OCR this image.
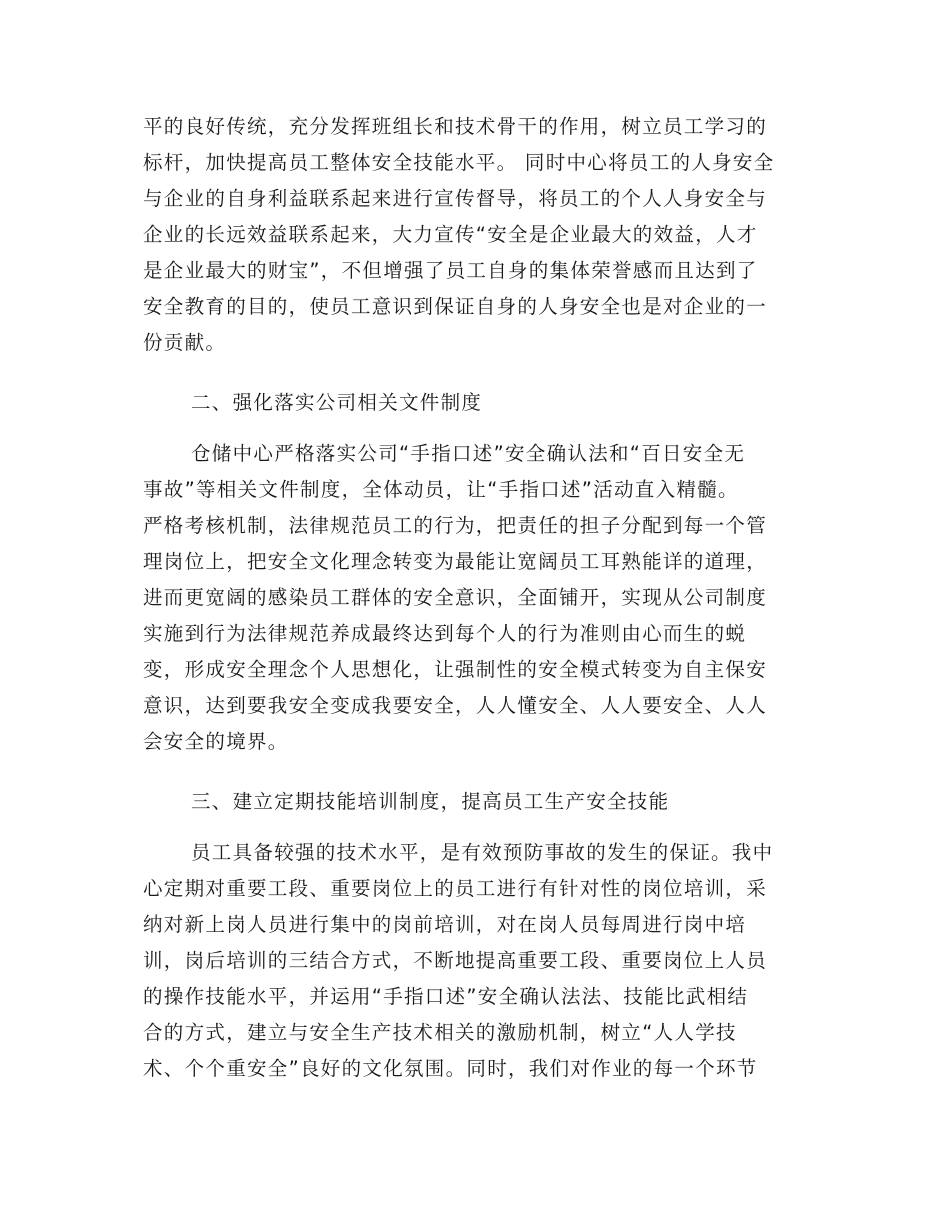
平的良好传统，充分发挥班组长和技术骨干的作用，树立员工学习的
标杆，加快提高员工整体安全技能水平。 同时中心将员工的人身安全
与企业的自身利益联系起来进行宣传督导，将员工的个人人身安全与
企业的长远效益联系起来，大力宣传“安全是企业最大的效益，人才
是企业最大的财宝”，不但增强了员工自身的集体荣誉感而且达到了
安全教育的目的，使员工意识到保证自身的人身安全也是对企业的一
份贡献。
二、强化落实公司相关文件制度
仓储中心严格落实公司“手指口述”安全确认法和“百日安全无
事故”等相关文件制度，全体动员，让“手指口述”活动直入精髓。
严格考核机制，法律规范员工的行为，把责任的担子分配到每一个管
理岗位上，把安全文化理念转变为最能让宽阔员工耳熟能详的道理，
进而更宽阔的感染员工群体的安全意识，全面铺开，实现从公司制度
实施到行为法律规范养成最终达到每个人的行为准则由心而生的蜕
变，形成安全理念个人思想化，让强制性的安全模式转变为自主保安
意识，达到要我安全变成我要安全，人人懂安全、人人要安全、人人
会安全的境界。
三、建立定期技能培训制度，提高员工生产安全技能
员工具备较强的技术水平，是有效预防事故的发生的保证。我中
心定期对重要工段、重要岗位上的员工进行有针对性的岗位培训，采
纳对新上岗人员进行集中的岗前培训，对在岗人员每周进行岗中培
训，岗后培训的三结合方式，不断地提高重要工段、重要岗位上人员
的操作技能水平，并运用“手指口述”安全确认法法、技能比武相结
合的方式，建立与安全生产技术相关的激励机制，树立“人人学技
术、个个重安全”良好的文化氛围。同时，我们对作业的每一个环节
